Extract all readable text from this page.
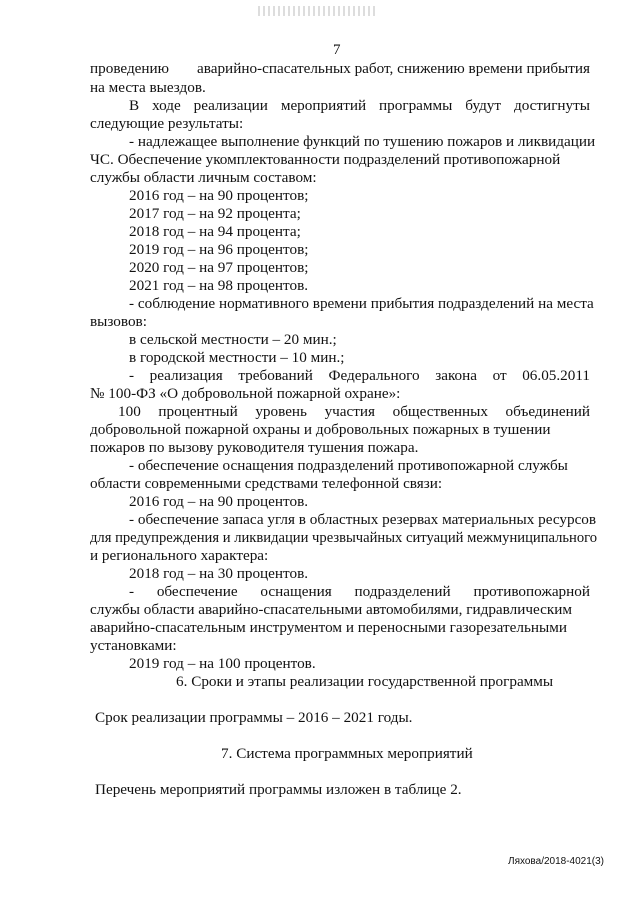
7
проведению аварийно-спасательных работ, снижению времени прибытия
на места выездов.
В ходе реализации мероприятий программы будут достигнуты
следующие результаты:
- надлежащее выполнение функций по тушению пожаров и ликвидации
ЧС. Обеспечение укомплектованности подразделений противопожарной
службы области личным составом:
2016 год – на 90 процентов;
2017 год – на 92 процента;
2018 год – на 94 процента;
2019 год – на 96 процентов;
2020 год – на 97 процентов;
2021 год – на 98 процентов.
- соблюдение нормативного времени прибытия подразделений на места
вызовов:
в сельской местности – 20 мин.;
в городской местности – 10 мин.;
- реализация требований Федерального закона от 06.05.2011
№ 100-ФЗ «О добровольной пожарной охране»:
100 процентный уровень участия общественных объединений
добровольной пожарной охраны и добровольных пожарных в тушении
пожаров по вызову руководителя тушения пожара.
- обеспечение оснащения подразделений противопожарной службы
области современными средствами телефонной связи:
2016 год – на 90 процентов.
- обеспечение запаса угля в областных резервах материальных ресурсов
для предупреждения и ликвидации чрезвычайных ситуаций межмуниципального
и регионального характера:
2018 год – на 30 процентов.
- обеспечение оснащения подразделений противопожарной
службы области аварийно-спасательными автомобилями, гидравлическим
аварийно-спасательным инструментом и переносными газорезательными
установками:
2019 год – на 100 процентов.
6. Сроки и этапы реализации государственной программы
Срок реализации программы – 2016 – 2021 годы.
7. Система программных мероприятий
Перечень мероприятий программы изложен в таблице 2.
Ляхова/2018-4021(3)
